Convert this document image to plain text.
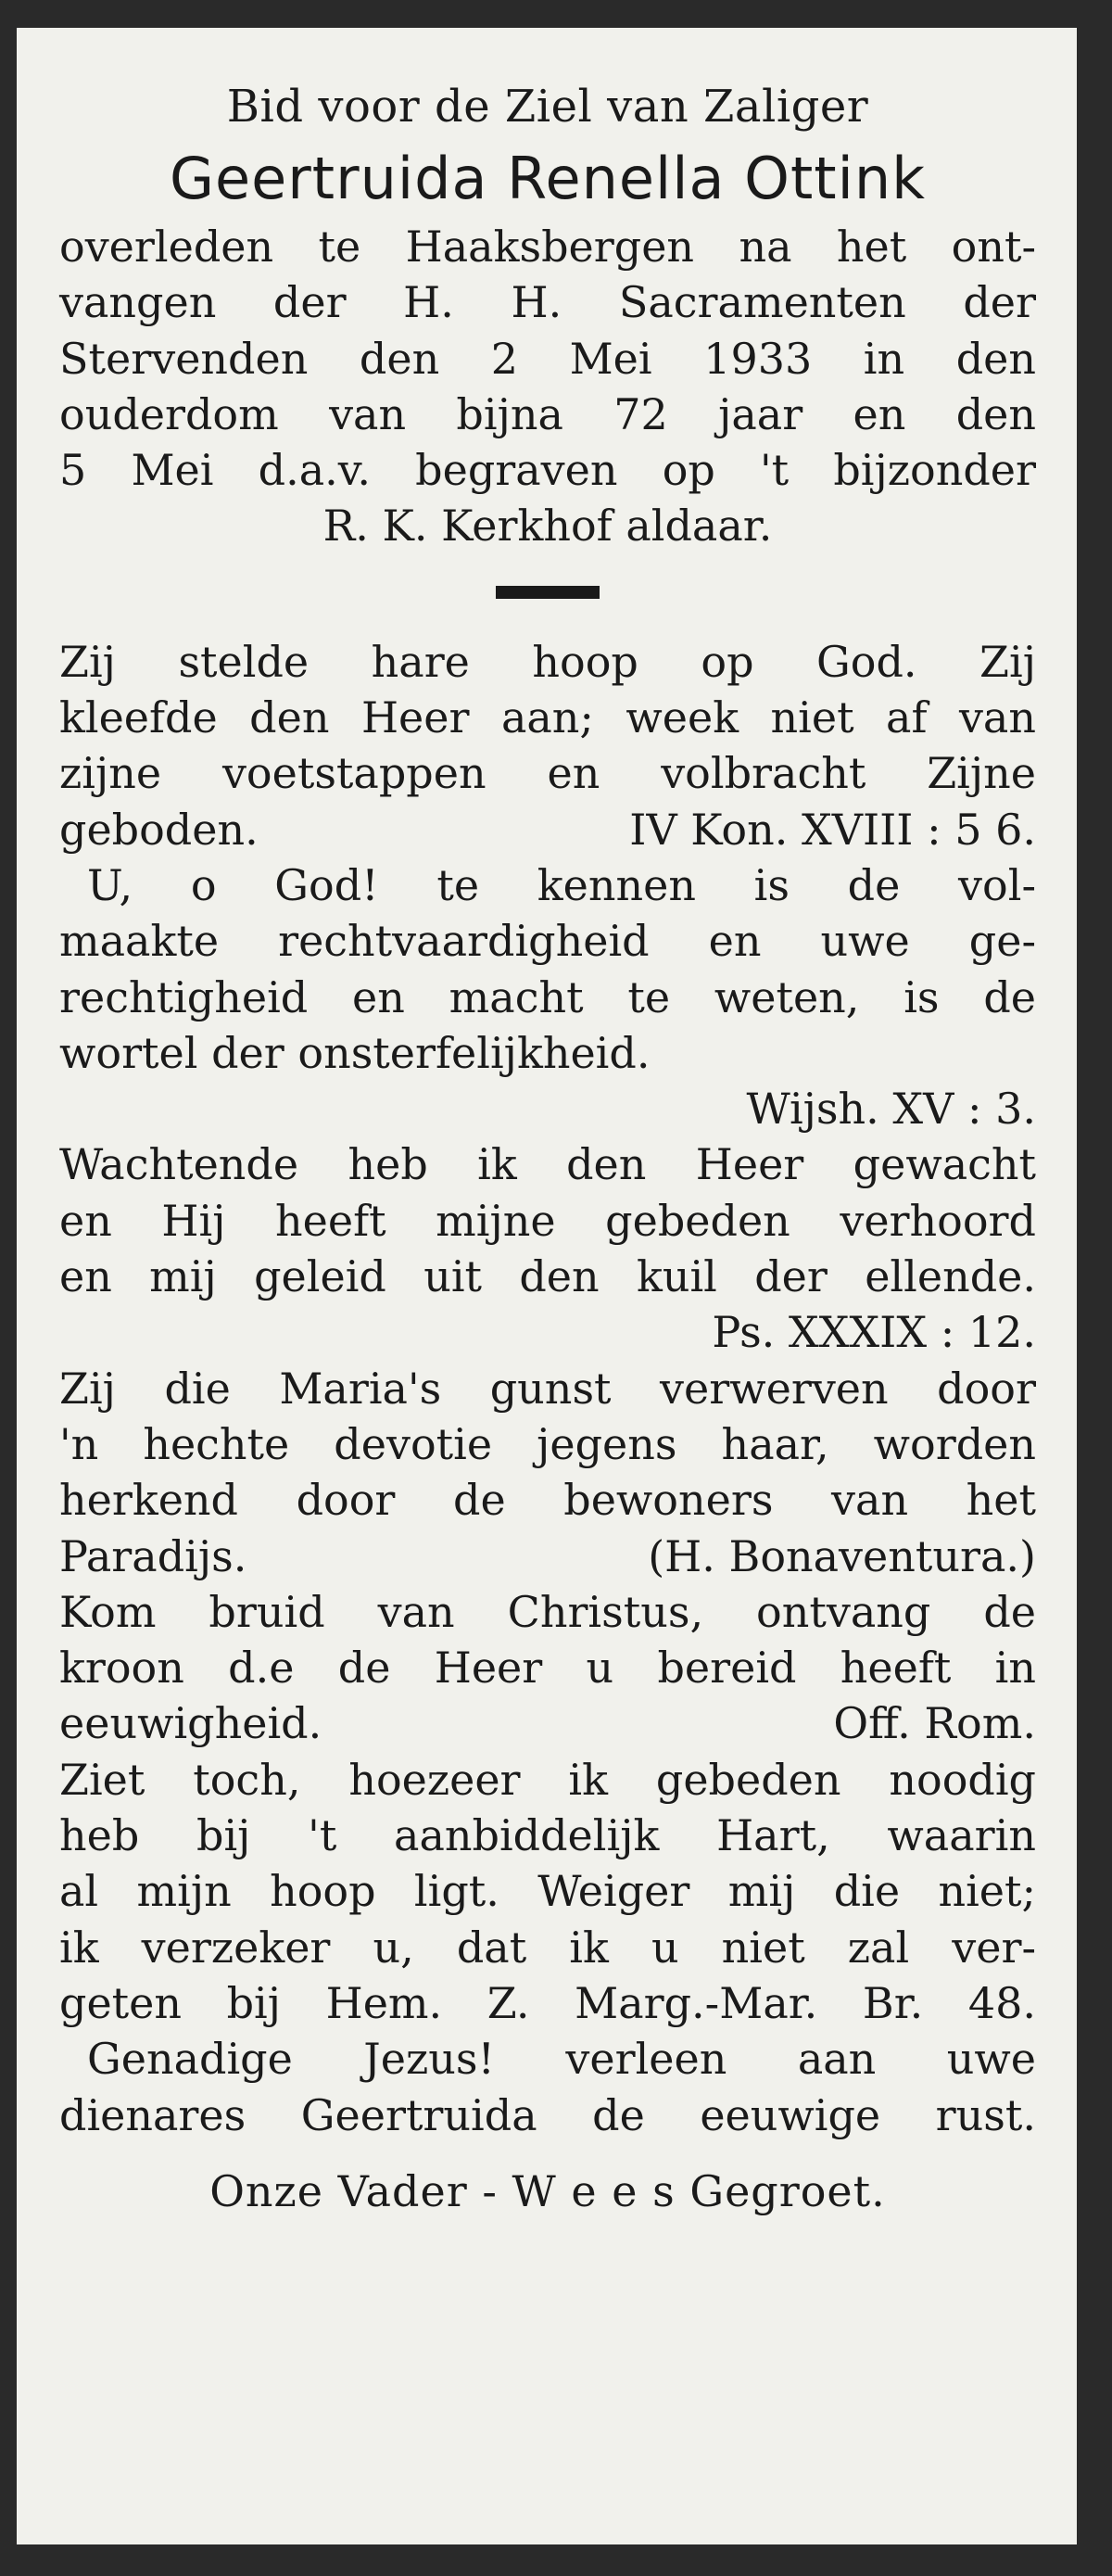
Bid voor de Ziel van Zaliger
Geertruida Renella Ottink
overleden te Haaksbergen na het ont-
vangen der H. H. Sacramenten der
Stervenden den 2 Mei 1933 in den
ouderdom van bijna 72 jaar en den
5 Mei d.a.v. begraven op 't bijzonder
R. K. Kerkhof aldaar.
Zij stelde hare hoop op God. Zij
kleefde den Heer aan; week niet af van
zijne voetstappen en volbracht Zijne
geboden.	IV Kon. XVIII : 5 6.
U, o God! te kennen is de vol-
maakte rechtvaardigheid en uwe ge-
rechtigheid en macht te weten, is de
wortel der onsterfelijkheid.
Wijsh. XV : 3.
Wachtende heb ik den Heer gewacht
en Hij heeft mijne gebeden verhoord
en mij geleid uit den kuil der ellende.
Ps. XXXIX : 12.
Zij die Maria's gunst verwerven door
'n hechte devotie jegens haar, worden
herkend door de bewoners van het
Paradijs.	(H. Bonaventura.)
Kom bruid van Christus, ontvang de
kroon d.e de Heer u bereid heeft in
eeuwigheid.	Off. Rom.
Ziet toch, hoezeer ik gebeden noodig
heb bij 't aanbiddelijk Hart, waarin
al mijn hoop ligt. Weiger mij die niet;
ik verzeker u, dat ik u niet zal ver-
geten bij Hem. Z. Marg.-Mar. Br. 48.
Genadige Jezus! verleen aan uwe
dienares Geertruida de eeuwige rust.
Onze Vader - W e e s Gegroet.
